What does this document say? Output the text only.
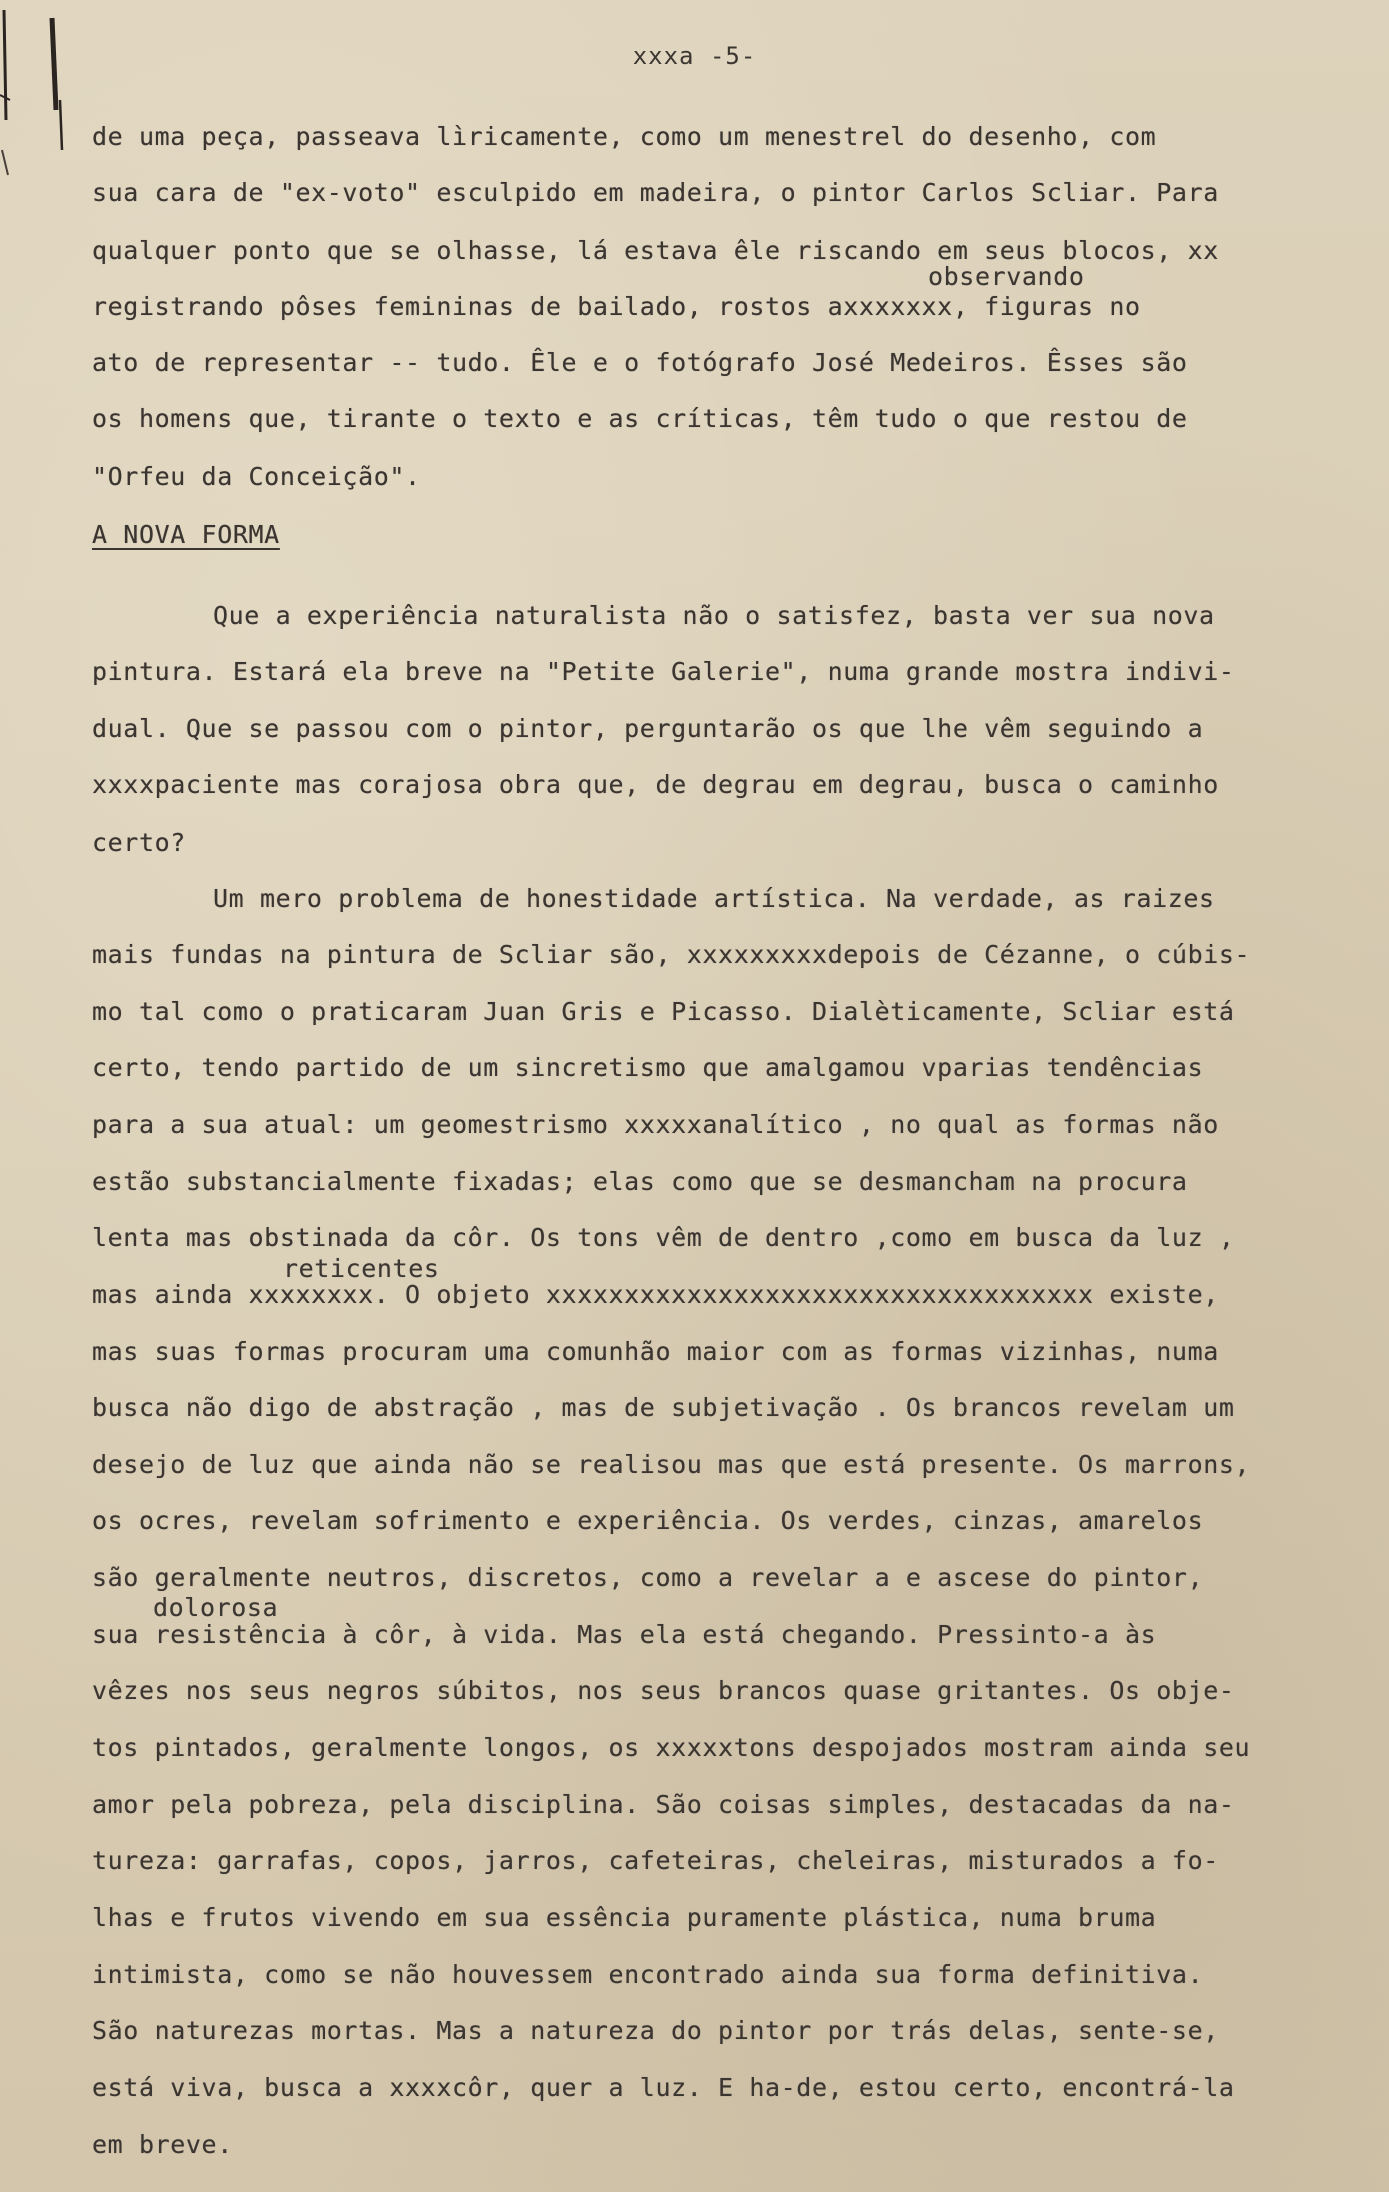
xxxa -5-
observando
reticentes
dolorosa
de uma peça, passeava lìricamente, como um menestrel do desenho, com
sua cara de "ex-voto" esculpido em madeira, o pintor Carlos Scliar. Para
qualquer ponto que se olhasse, lá estava êle riscando em seus blocos, xx
registrando pôses femininas de bailado, rostos axxxxxxx, figuras no
ato de representar -- tudo. Êle e o fotógrafo José Medeiros. Êsses são
os homens que, tirante o texto e as críticas, têm tudo o que restou de
"Orfeu da Conceição".
A NOVA FORMA
Que a experiência naturalista não o satisfez, basta ver sua nova
pintura. Estará ela breve na "Petite Galerie", numa grande mostra indivi-
dual. Que se passou com o pintor, perguntarão os que lhe vêm seguindo a
xxxxpaciente mas corajosa obra que, de degrau em degrau, busca o caminho
certo?
Um mero problema de honestidade artística. Na verdade, as raizes
mais fundas na pintura de Scliar são, xxxxxxxxxdepois de Cézanne, o cúbis-
mo tal como o praticaram Juan Gris e Picasso. Dialèticamente, Scliar está
certo, tendo partido de um sincretismo que amalgamou vparias tendências
para a sua atual: um geomestrismo xxxxxanalítico , no qual as formas não
estão substancialmente fixadas; elas como que se desmancham na procura
lenta mas obstinada da côr. Os tons vêm de dentro ,como em busca da luz ,
mas ainda xxxxxxxx. O objeto xxxxxxxxxxxxxxxxxxxxxxxxxxxxxxxxxxx existe,
mas suas formas procuram uma comunhão maior com as formas vizinhas, numa
busca não digo de abstração , mas de subjetivação . Os brancos revelam um
desejo de luz que ainda não se realisou mas que está presente. Os marrons,
os ocres, revelam sofrimento e experiência. Os verdes, cinzas, amarelos
são geralmente neutros, discretos, como a revelar a e ascese do pintor,
sua resistência à côr, à vida. Mas ela está chegando. Pressinto-a às
vêzes nos seus negros súbitos, nos seus brancos quase gritantes. Os obje-
tos pintados, geralmente longos, os xxxxxtons despojados mostram ainda seu
amor pela pobreza, pela disciplina. São coisas simples, destacadas da na-
tureza: garrafas, copos, jarros, cafeteiras, cheleiras, misturados a fo-
lhas e frutos vivendo em sua essência puramente plástica, numa bruma
intimista, como se não houvessem encontrado ainda sua forma definitiva.
São naturezas mortas. Mas a natureza do pintor por trás delas, sente-se,
está viva, busca a xxxxcôr, quer a luz. E ha-de, estou certo, encontrá-la
em breve.
